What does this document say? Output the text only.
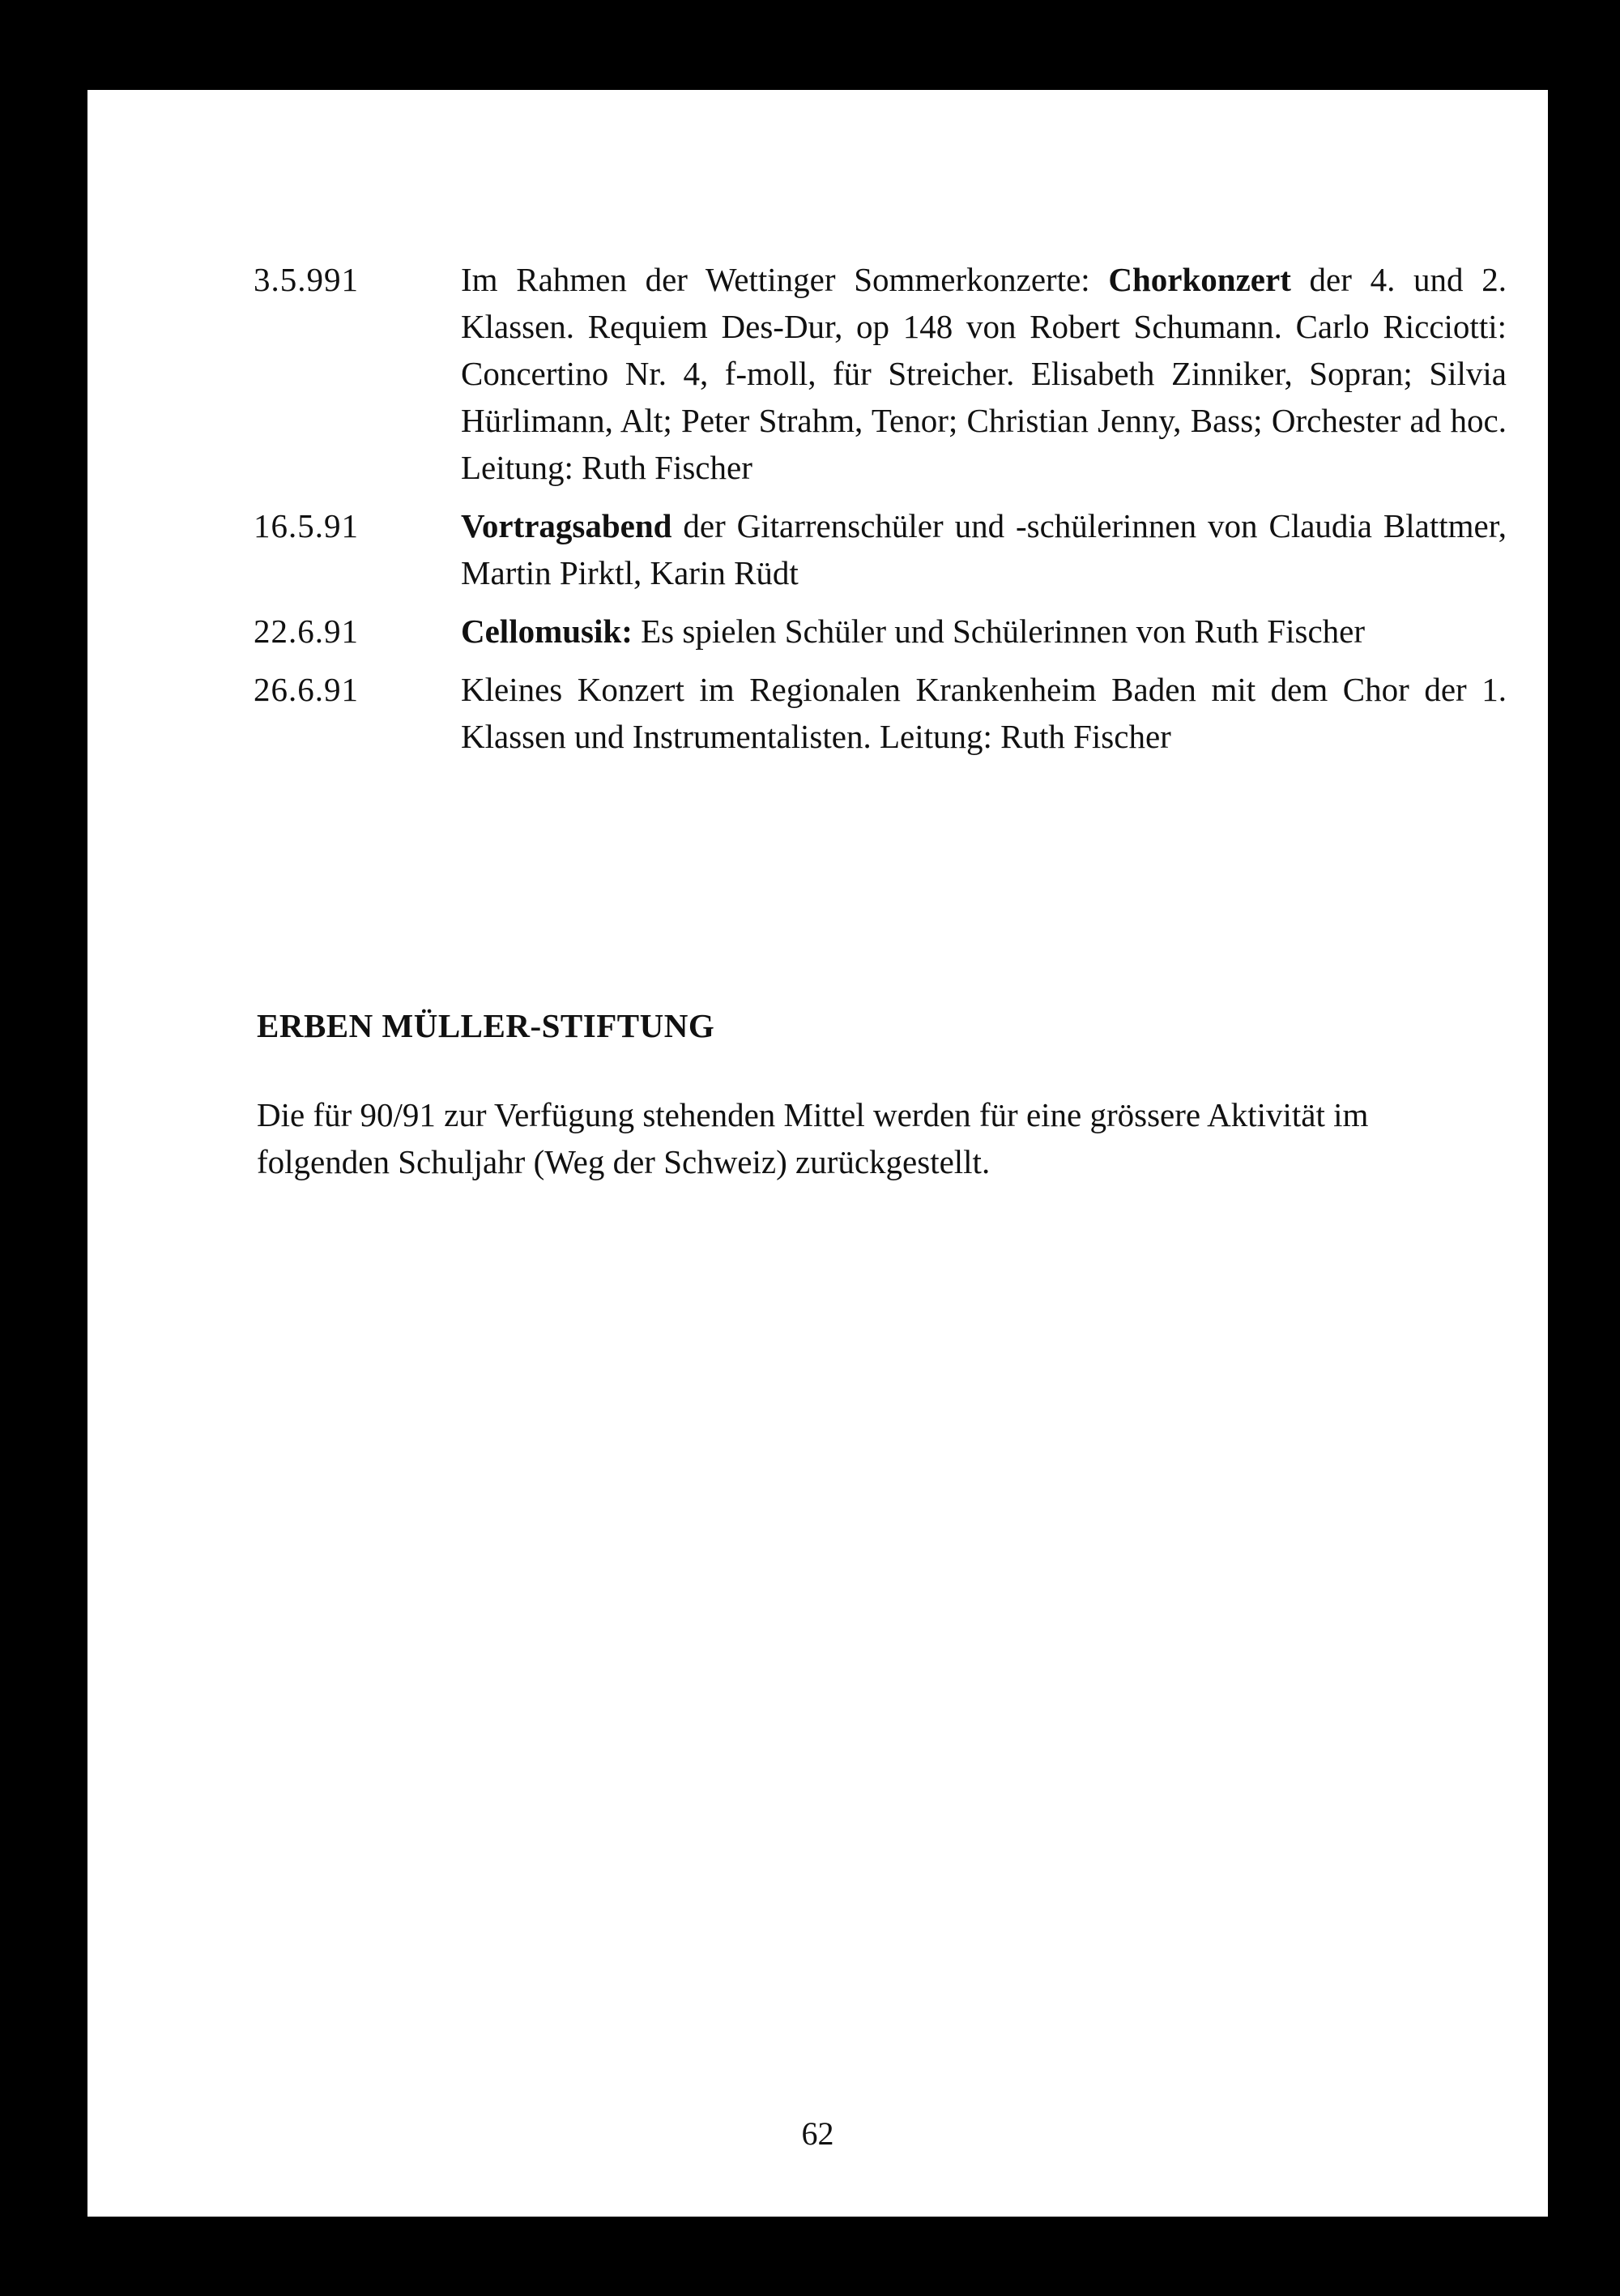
3.5.991	Im Rahmen der Wettinger Sommerkonzerte: Chorkonzert der 4. und 2. Klassen. Requiem Des-Dur, op 148 von Robert Schumann. Carlo Ricciotti: Concertino Nr. 4, f-moll, für Streicher. Elisabeth Zinniker, Sopran; Silvia Hürlimann, Alt; Peter Strahm, Tenor; Christian Jenny, Bass; Orchester ad hoc. Leitung: Ruth Fischer
16.5.91	Vortragsabend der Gitarrenschüler und -schülerinnen von Claudia Blattmer, Martin Pirktl, Karin Rüdt
22.6.91	Cellomusik: Es spielen Schüler und Schülerinnen von Ruth Fischer
26.6.91	Kleines Konzert im Regionalen Krankenheim Baden mit dem Chor der 1. Klassen und Instrumentalisten. Leitung: Ruth Fischer
ERBEN MÜLLER-STIFTUNG

Die für 90/91 zur Verfügung stehenden Mittel werden für eine grössere Aktivität im folgenden Schuljahr (Weg der Schweiz) zurückgestellt.

62
